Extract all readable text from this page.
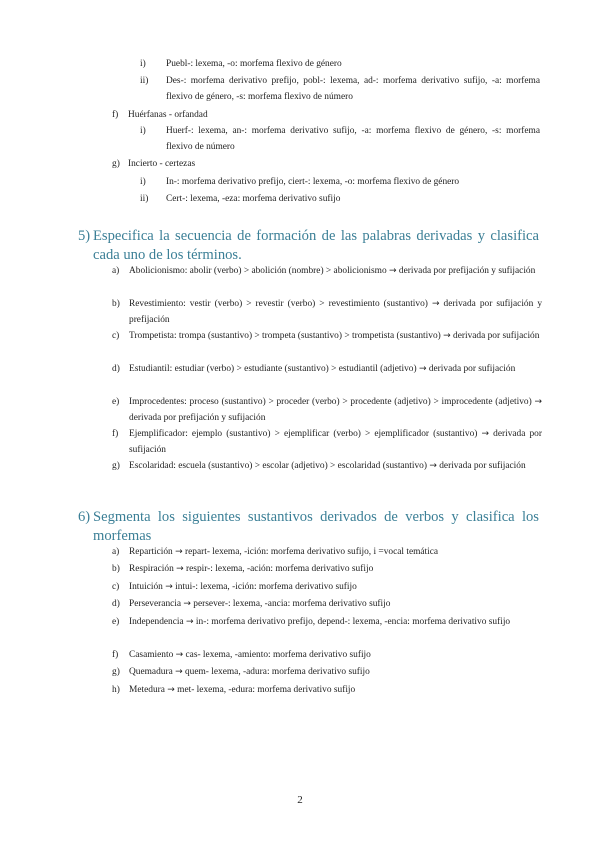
i) Puebl-: lexema, -o: morfema flexivo de género
ii) Des-: morfema derivativo prefijo, pobl-: lexema, ad-: morfema derivativo sufijo, -a: morfema flexivo de género, -s: morfema flexivo de número
f) Huérfanas - orfandad
i) Huerf-: lexema, an-: morfema derivativo sufijo, -a: morfema flexivo de género, -s: morfema flexivo de número
g) Incierto - certezas
i) In-: morfema derivativo prefijo, ciert-: lexema, -o: morfema flexivo de género
ii) Cert-: lexema, -eza: morfema derivativo sufijo
5) Especifica la secuencia de formación de las palabras derivadas y clasifica cada uno de los términos.
a) Abolicionismo: abolir (verbo) > abolición (nombre) > abolicionismo → derivada por prefijación y sufijación
b) Revestimiento: vestir (verbo) > revestir (verbo) > revestimiento (sustantivo) → derivada por sufijación y prefijación
c) Trompetista: trompa (sustantivo) > trompeta (sustantivo) > trompetista (sustantivo) → derivada por sufijación
d) Estudiantil: estudiar (verbo) > estudiante (sustantivo) > estudiantil (adjetivo) → derivada por sufijación
e) Improcedentes: proceso (sustantivo) > proceder (verbo) > procedente (adjetivo) > improcedente (adjetivo) → derivada por prefijación y sufijación
f) Ejemplificador: ejemplo (sustantivo) > ejemplificar (verbo) > ejemplificador (sustantivo) → derivada por sufijación
g) Escolaridad: escuela (sustantivo) > escolar (adjetivo) > escolaridad (sustantivo) → derivada por sufijación
6) Segmenta los siguientes sustantivos derivados de verbos y clasifica los morfemas
a) Repartición → repart- lexema, -ición: morfema derivativo sufijo, i =vocal temática
b) Respiración → respir-: lexema, -ación: morfema derivativo sufijo
c) Intuición → intui-: lexema, -ición: morfema derivativo sufijo
d) Perseverancia → persever-: lexema, -ancia: morfema derivativo sufijo
e) Independencia → in-: morfema derivativo prefijo, depend-: lexema, -encia: morfema derivativo sufijo
f) Casamiento → cas- lexema, -amiento: morfema derivativo sufijo
g) Quemadura → quem- lexema, -adura: morfema derivativo sufijo
h) Metedura → met- lexema, -edura: morfema derivativo sufijo
2
